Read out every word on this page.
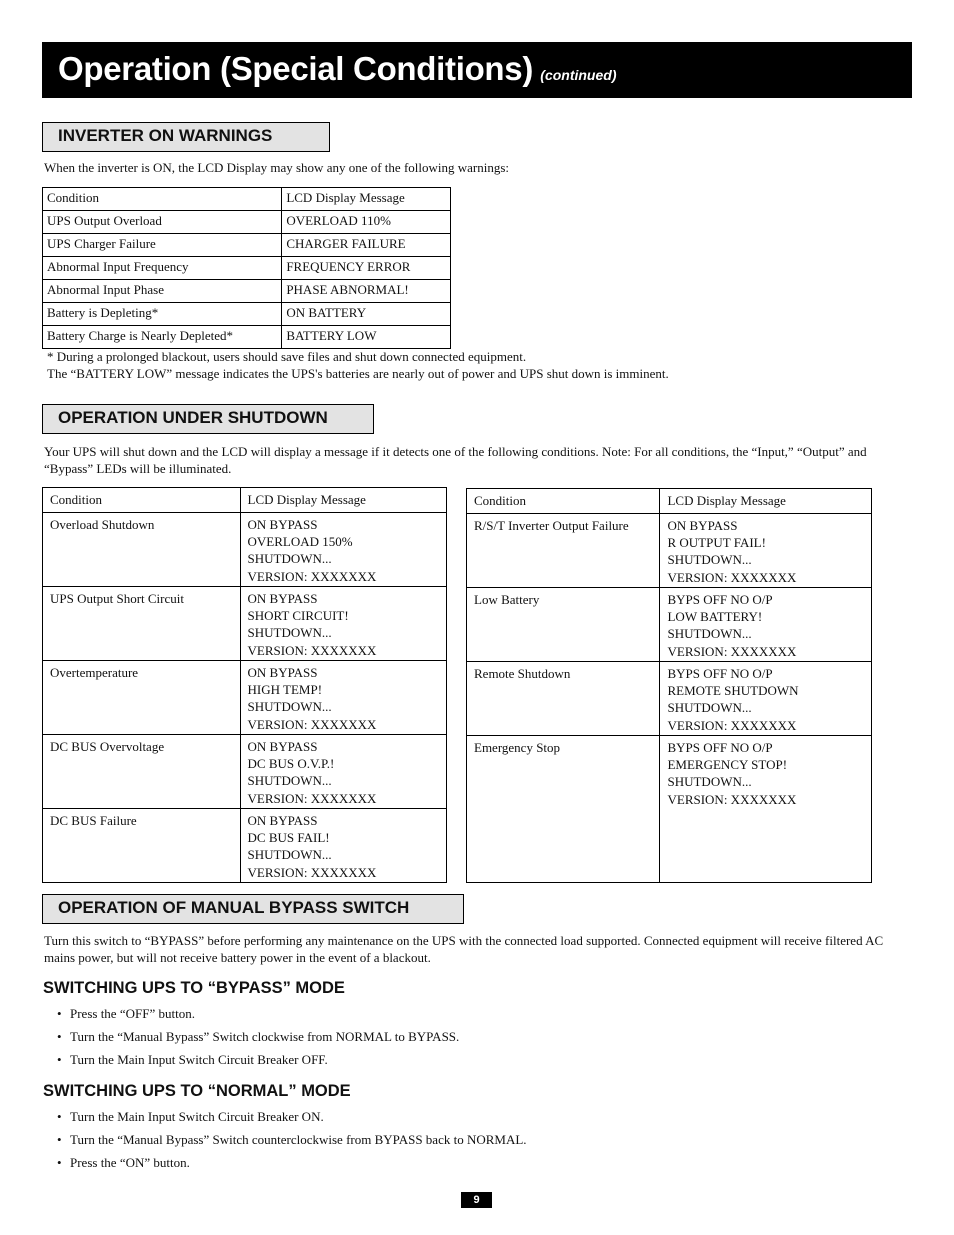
Operation (Special Conditions) (continued)
INVERTER ON WARNINGS
When the inverter is ON, the LCD Display may show any one of the following warnings:
Condition	LCD Display Message
UPS Output Overload	OVERLOAD 110%
UPS Charger Failure	CHARGER FAILURE
Abnormal Input Frequency	FREQUENCY ERROR
Abnormal Input Phase	PHASE ABNORMAL!
Battery is Depleting*	ON BATTERY
Battery Charge is Nearly Depleted*	BATTERY LOW
* During a prolonged blackout, users should save files and shut down connected equipment.
The “BATTERY LOW” message indicates the UPS's batteries are nearly out of power and UPS shut down is imminent.
OPERATION UNDER SHUTDOWN
Your UPS will shut down and the LCD will display a message if it detects one of the following conditions. Note: For all conditions, the “Input,” “Output” and “Bypass” LEDs will be illuminated.
Condition	LCD Display Message
Overload Shutdown	ON BYPASS
OVERLOAD 150%
SHUTDOWN...
VERSION: XXXXXXX
UPS Output Short Circuit	ON BYPASS
SHORT CIRCUIT!
SHUTDOWN...
VERSION: XXXXXXX
Overtemperature	ON BYPASS
HIGH TEMP!
SHUTDOWN...
VERSION: XXXXXXX
DC BUS Overvoltage	ON BYPASS
DC BUS O.V.P.!
SHUTDOWN...
VERSION: XXXXXXX
DC BUS Failure	ON BYPASS
DC BUS FAIL!
SHUTDOWN...
VERSION: XXXXXXX
Condition	LCD Display Message
R/S/T Inverter Output Failure	ON BYPASS
R OUTPUT FAIL!
SHUTDOWN...
VERSION: XXXXXXX
Low Battery	BYPS OFF NO O/P
LOW BATTERY!
SHUTDOWN...
VERSION: XXXXXXX
Remote Shutdown	BYPS OFF NO O/P
REMOTE SHUTDOWN
SHUTDOWN...
VERSION: XXXXXXX
Emergency Stop	BYPS OFF NO O/P
EMERGENCY STOP!
SHUTDOWN...
VERSION: XXXXXXX
OPERATION OF MANUAL BYPASS SWITCH
Turn this switch to “BYPASS” before performing any maintenance on the UPS with the connected load supported. Connected equipment will receive filtered AC mains power, but will not receive battery power in the event of a blackout.
SWITCHING UPS TO “BYPASS” MODE
• Press the “OFF” button.
• Turn the “Manual Bypass” Switch clockwise from NORMAL to BYPASS.
• Turn the Main Input Switch Circuit Breaker OFF.
SWITCHING UPS TO “NORMAL” MODE
• Turn the Main Input Switch Circuit Breaker ON.
• Turn the “Manual Bypass” Switch counterclockwise from BYPASS back to NORMAL.
• Press the “ON” button.
9
